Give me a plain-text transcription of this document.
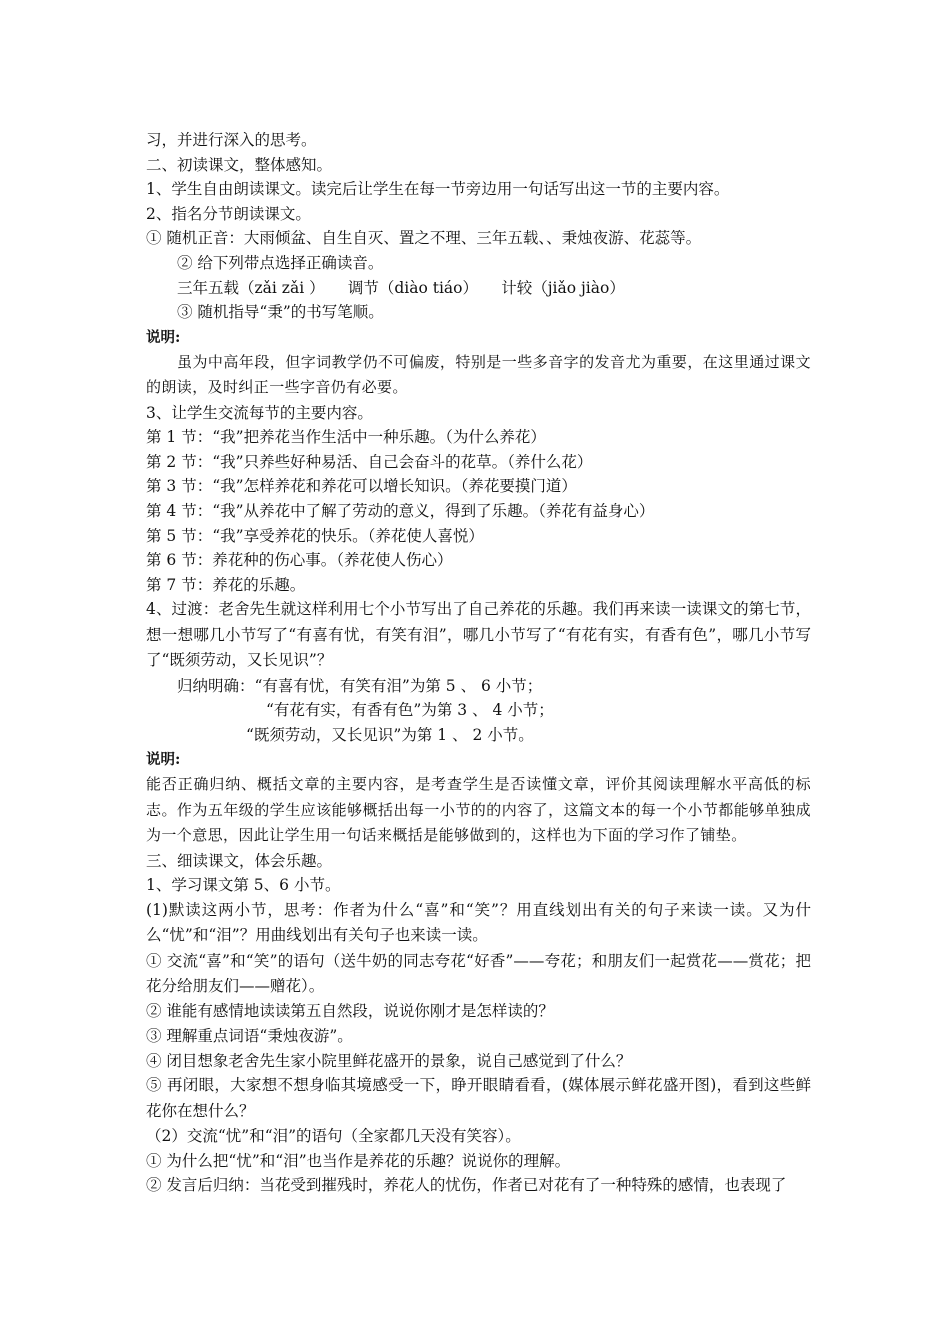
习，并进行深入的思考。

二、初读课文，整体感知。

1、学生自由朗读课文。读完后让学生在每一节旁边用一句话写出这一节的主要内容。

2、指名分节朗读课文。

① 随机正音：大雨倾盆、自生自灭、置之不理、三年五载、、秉烛夜游、花蕊等。

② 给下列带点选择正确读音。

三年五载（zǎi zǎi ）　　调节（diào tiáo）　　计较（jiǎo jiào）

③ 随机指导“秉”的书写笔顺。

说明:

虽为中高年段，但字词教学仍不可偏废，特别是一些多音字的发音尤为重要，在这里通过课文的朗读，及时纠正一些字音仍有必要。

3、让学生交流每节的主要内容。

第 1 节：“我”把养花当作生活中一种乐趣。（为什么养花）

第 2 节：“我”只养些好种易活、自己会奋斗的花草。（养什么花）

第 3 节：“我”怎样养花和养花可以增长知识。（养花要摸门道）

第 4 节：“我”从养花中了解了劳动的意义，得到了乐趣。（养花有益身心）

第 5 节：“我”享受养花的快乐。（养花使人喜悦）

第 6 节：养花种的伤心事。（养花使人伤心）

第 7 节：养花的乐趣。

4、过渡：老舍先生就这样利用七个小节写出了自己养花的乐趣。我们再来读一读课文的第七节，想一想哪几小节写了“有喜有忧，有笑有泪”，哪几小节写了“有花有实，有香有色”，哪几小节写了“既须劳动，又长见识”？

归纳明确：“有喜有忧，有笑有泪”为第 5 、 6 小节；

“有花有实，有香有色”为第 3 、 4 小节；

“既须劳动，又长见识”为第 1 、 2 小节。

说明:

能否正确归纳、概括文章的主要内容，是考查学生是否读懂文章，评价其阅读理解水平高低的标志。作为五年级的学生应该能够概括出每一小节的的内容了，这篇文本的每一个小节都能够单独成为一个意思，因此让学生用一句话来概括是能够做到的，这样也为下面的学习作了铺垫。

三、细读课文，体会乐趣。

1、学习课文第 5、6 小节。

(1)默读这两小节，思考：作者为什么“喜”和“笑”？用直线划出有关的句子来读一读。又为什么“忧”和“泪”？用曲线划出有关句子也来读一读。

① 交流“喜”和“笑”的语句（送牛奶的同志夸花“好香”——夸花；和朋友们一起赏花——赏花；把花分给朋友们——赠花）。

② 谁能有感情地读读第五自然段，说说你刚才是怎样读的？

③ 理解重点词语“秉烛夜游”。

④ 闭目想象老舍先生家小院里鲜花盛开的景象，说自己感觉到了什么？

⑤ 再闭眼，大家想不想身临其境感受一下，睁开眼睛看看，(媒体展示鲜花盛开图)，看到这些鲜花你在想什么？

（2）交流“忧”和“泪”的语句（全家都几天没有笑容）。

① 为什么把“忧”和“泪”也当作是养花的乐趣？说说你的理解。

② 发言后归纳：当花受到摧残时，养花人的忧伤，作者已对花有了一种特殊的感情，也表现了
